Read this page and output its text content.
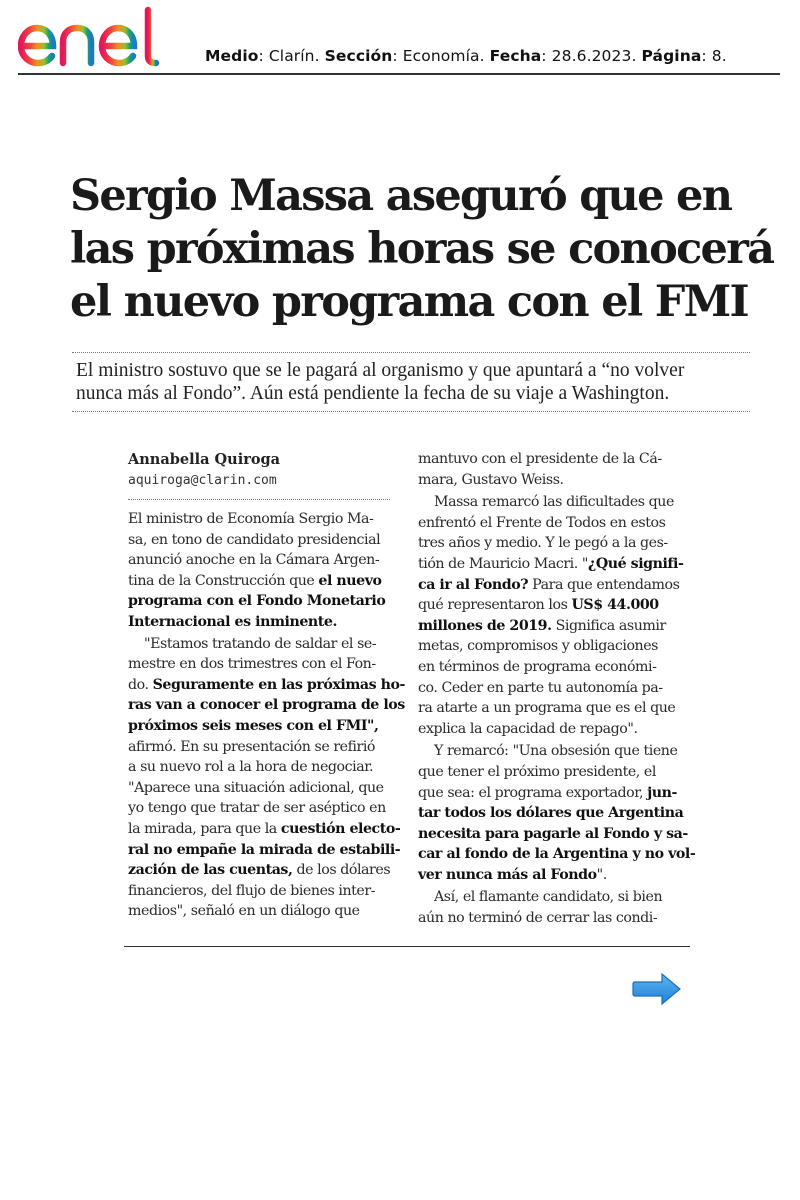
Medio: Clarín. Sección: Economía. Fecha: 28.6.2023. Página: 8.
Sergio Massa aseguró que en
las próximas horas se conocerá
el nuevo programa con el FMI
El ministro sostuvo que se le pagará al organismo y que apuntará a “no volver
nunca más al Fondo”. Aún está pendiente la fecha de su viaje a Washington.
Annabella Quiroga
aquiroga@clarin.com
El ministro de Economía Sergio Ma-
sa, en tono de candidato presidencial
anunció anoche en la Cámara Argen-
tina de la Construcción que el nuevo
programa con el Fondo Monetario
Internacional es inminente.
"Estamos tratando de saldar el se-
mestre en dos trimestres con el Fon-
do. Seguramente en las próximas ho-
ras van a conocer el programa de los
próximos seis meses con el FMI",
afirmó. En su presentación se refirió
a su nuevo rol a la hora de negociar.
"Aparece una situación adicional, que
yo tengo que tratar de ser aséptico en
la mirada, para que la cuestión electo-
ral no empañe la mirada de estabili-
zación de las cuentas, de los dólares
financieros, del flujo de bienes inter-
medios", señaló en un diálogo que
mantuvo con el presidente de la Cá-
mara, Gustavo Weiss.
Massa remarcó las dificultades que
enfrentó el Frente de Todos en estos
tres años y medio. Y le pegó a la ges-
tión de Mauricio Macri. "¿Qué signifi-
ca ir al Fondo? Para que entendamos
qué representaron los US$ 44.000
millones de 2019. Significa asumir
metas, compromisos y obligaciones
en términos de programa económi-
co. Ceder en parte tu autonomía pa-
ra atarte a un programa que es el que
explica la capacidad de repago".
Y remarcó: "Una obsesión que tiene
que tener el próximo presidente, el
que sea: el programa exportador, jun-
tar todos los dólares que Argentina
necesita para pagarle al Fondo y sa-
car al fondo de la Argentina y no vol-
ver nunca más al Fondo".
Así, el flamante candidato, si bien
aún no terminó de cerrar las condi-
